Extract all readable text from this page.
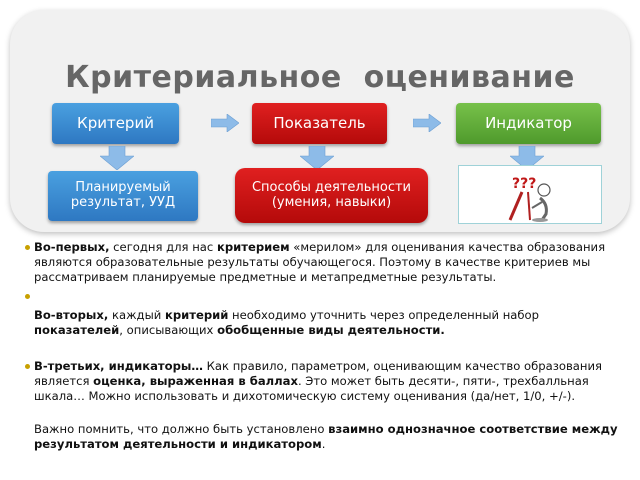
Критериальное  оценивание
Критерий	Показатель	Индикатор
Планируемый результат, УУД
Способы деятельности (умения, навыки)
???
Во-первых, сегодня для нас критерием «мерилом» для оценивания качества образования являются образовательные результаты обучающегося. Поэтому в качестве критериев мы рассматриваем планируемые предметные и метапредметные результаты.

Во-вторых, каждый критерий необходимо уточнить через определенный набор показателей, описывающих обобщенные виды деятельности.
В-третьих, индикаторы… Как правило, параметром, оценивающим качество образования является оценка, выраженная в баллах. Это может быть десяти-, пяти-, трехбалльная шкала… Можно использовать и дихотомическую систему оценивания (да/нет, 1/0, +/-).
Важно помнить, что должно быть установлено взаимно однозначное соответствие между результатом деятельности и индикатором.
